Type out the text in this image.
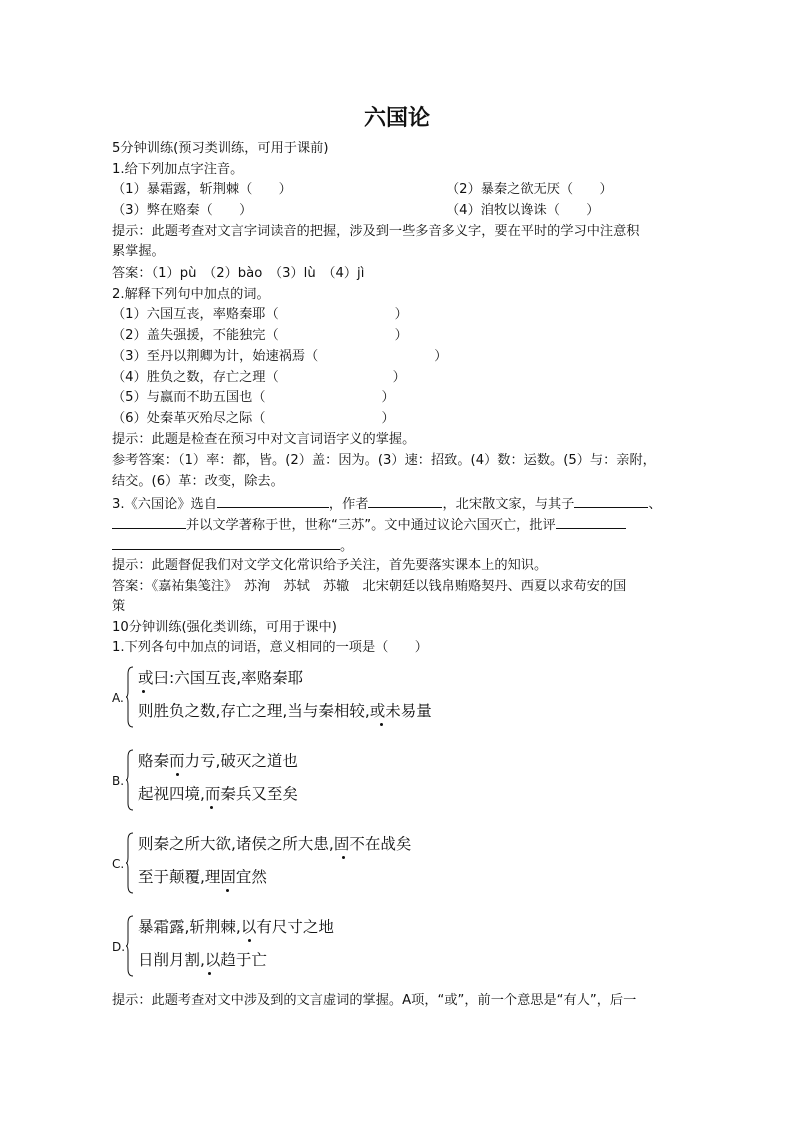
六国论
5分钟训练(预习类训练，可用于课前)
1.给下列加点字注音。
（1）暴霜露，斩荆棘（　　）	（2）暴秦之欲无厌（　　）
（3）弊在赂秦（　　）	（4）洎牧以谗诛（　　）
提示：此题考查对文言字词读音的把握，涉及到一些多音多义字，要在平时的学习中注意积
累掌握。
答案：（1）pù　（2）bào　（3）lù　（4）jì
2.解释下列句中加点的词。
（1）六国互丧，率赂秦耶（	）
（2）盖失强援，不能独完（	）
（3）至丹以荆卿为计，始速祸焉（	）
（4）胜负之数，存亡之理（	）
（5）与嬴而不助五国也（	）
（6）处秦革灭殆尽之际（	）
提示：此题是检查在预习中对文言词语字义的掌握。
参考答案：（1）率：都，皆。(2）盖：因为。(3）速：招致。(4）数：运数。(5）与：亲附，
结交。(6）革：改变，除去。
3.《六国论》选自	，作者	，北宋散文家，与其子	、
并以文学著称于世，世称“三苏”。文中通过议论六国灭亡，批评
。
提示：此题督促我们对文学文化常识给予关注，首先要落实课本上的知识。
答案：《嘉祐集笺注》　苏洵　苏轼　苏辙　北宋朝廷以钱帛贿赂契丹、西夏以求苟安的国
策
10分钟训练(强化类训练，可用于课中)
1.下列各句中加点的词语，意义相同的一项是（　　）
A.
或曰:六国互丧,率赂秦耶
则胜负之数,存亡之理,当与秦相较,或未易量
B.
赂秦而力亏,破灭之道也
起视四境,而秦兵又至矣
C.
则秦之所大欲,诸侯之所大患,固不在战矣
至于颠覆,理固宜然
D.
暴霜露,斩荆棘,以有尺寸之地
日削月割,以趋于亡
提示：此题考查对文中涉及到的文言虚词的掌握。A项，“或”，前一个意思是“有人”，后一
